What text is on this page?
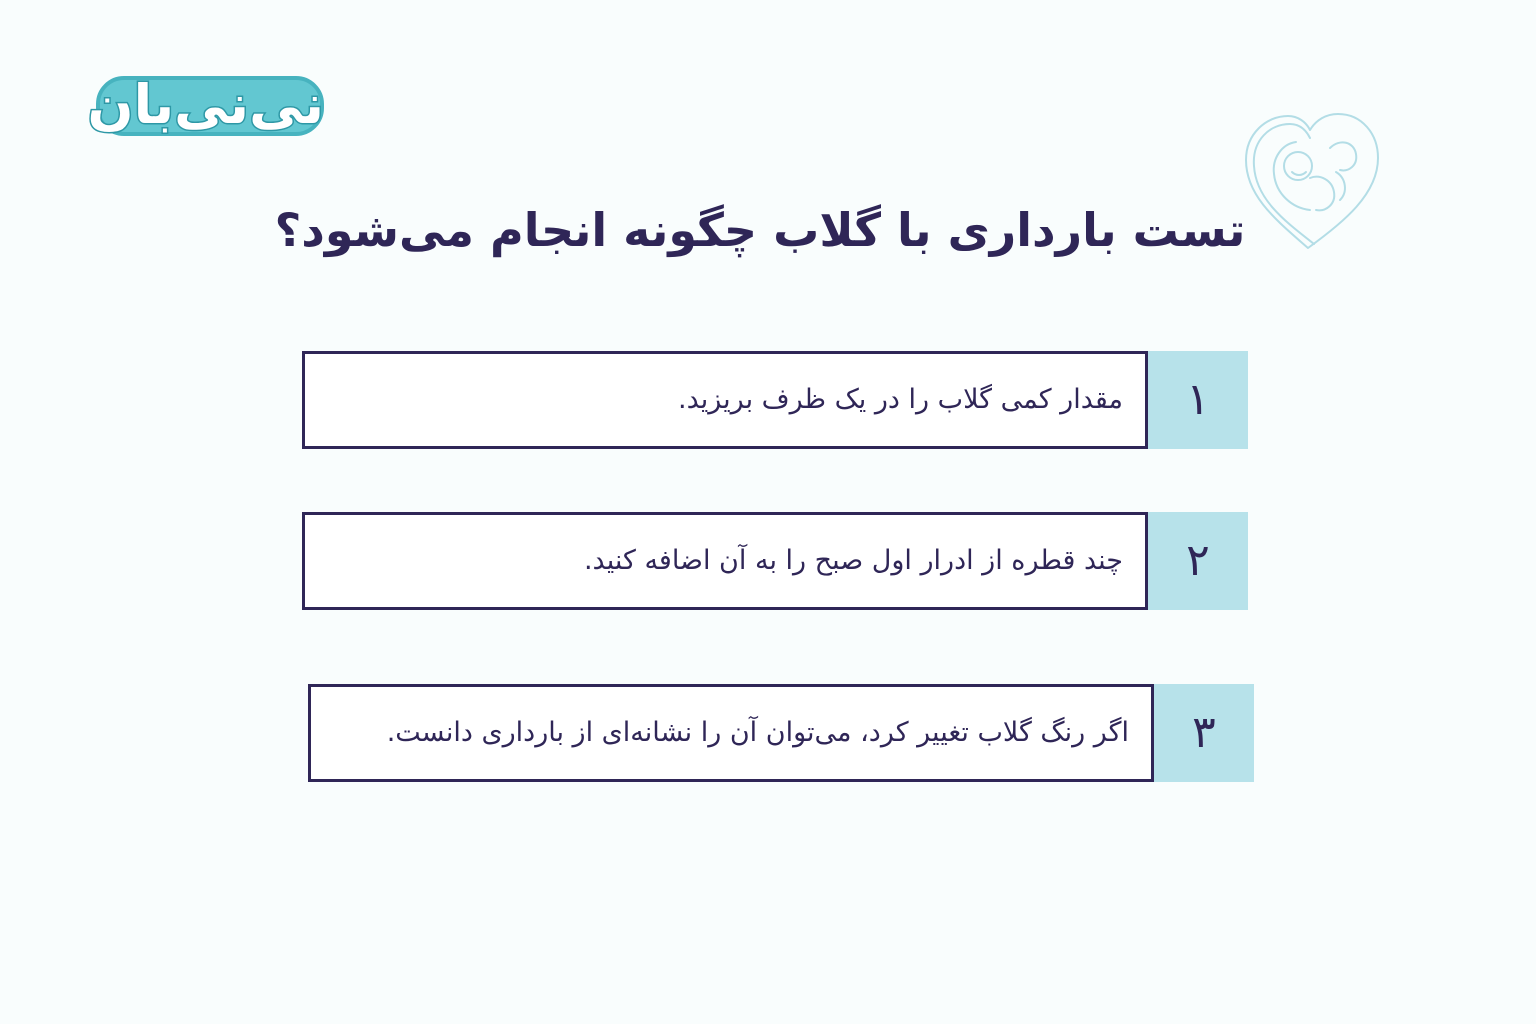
نی‌نی‌بان
تست بارداری با گلاب چگونه انجام می‌شود؟
۱
مقدار کمی گلاب را در یک ظرف بریزید.
۲
چند قطره از ادرار اول صبح را به آن اضافه کنید.
۳
اگر رنگ گلاب تغییر کرد، می‌توان آن را نشانه‌ای از بارداری دانست.
